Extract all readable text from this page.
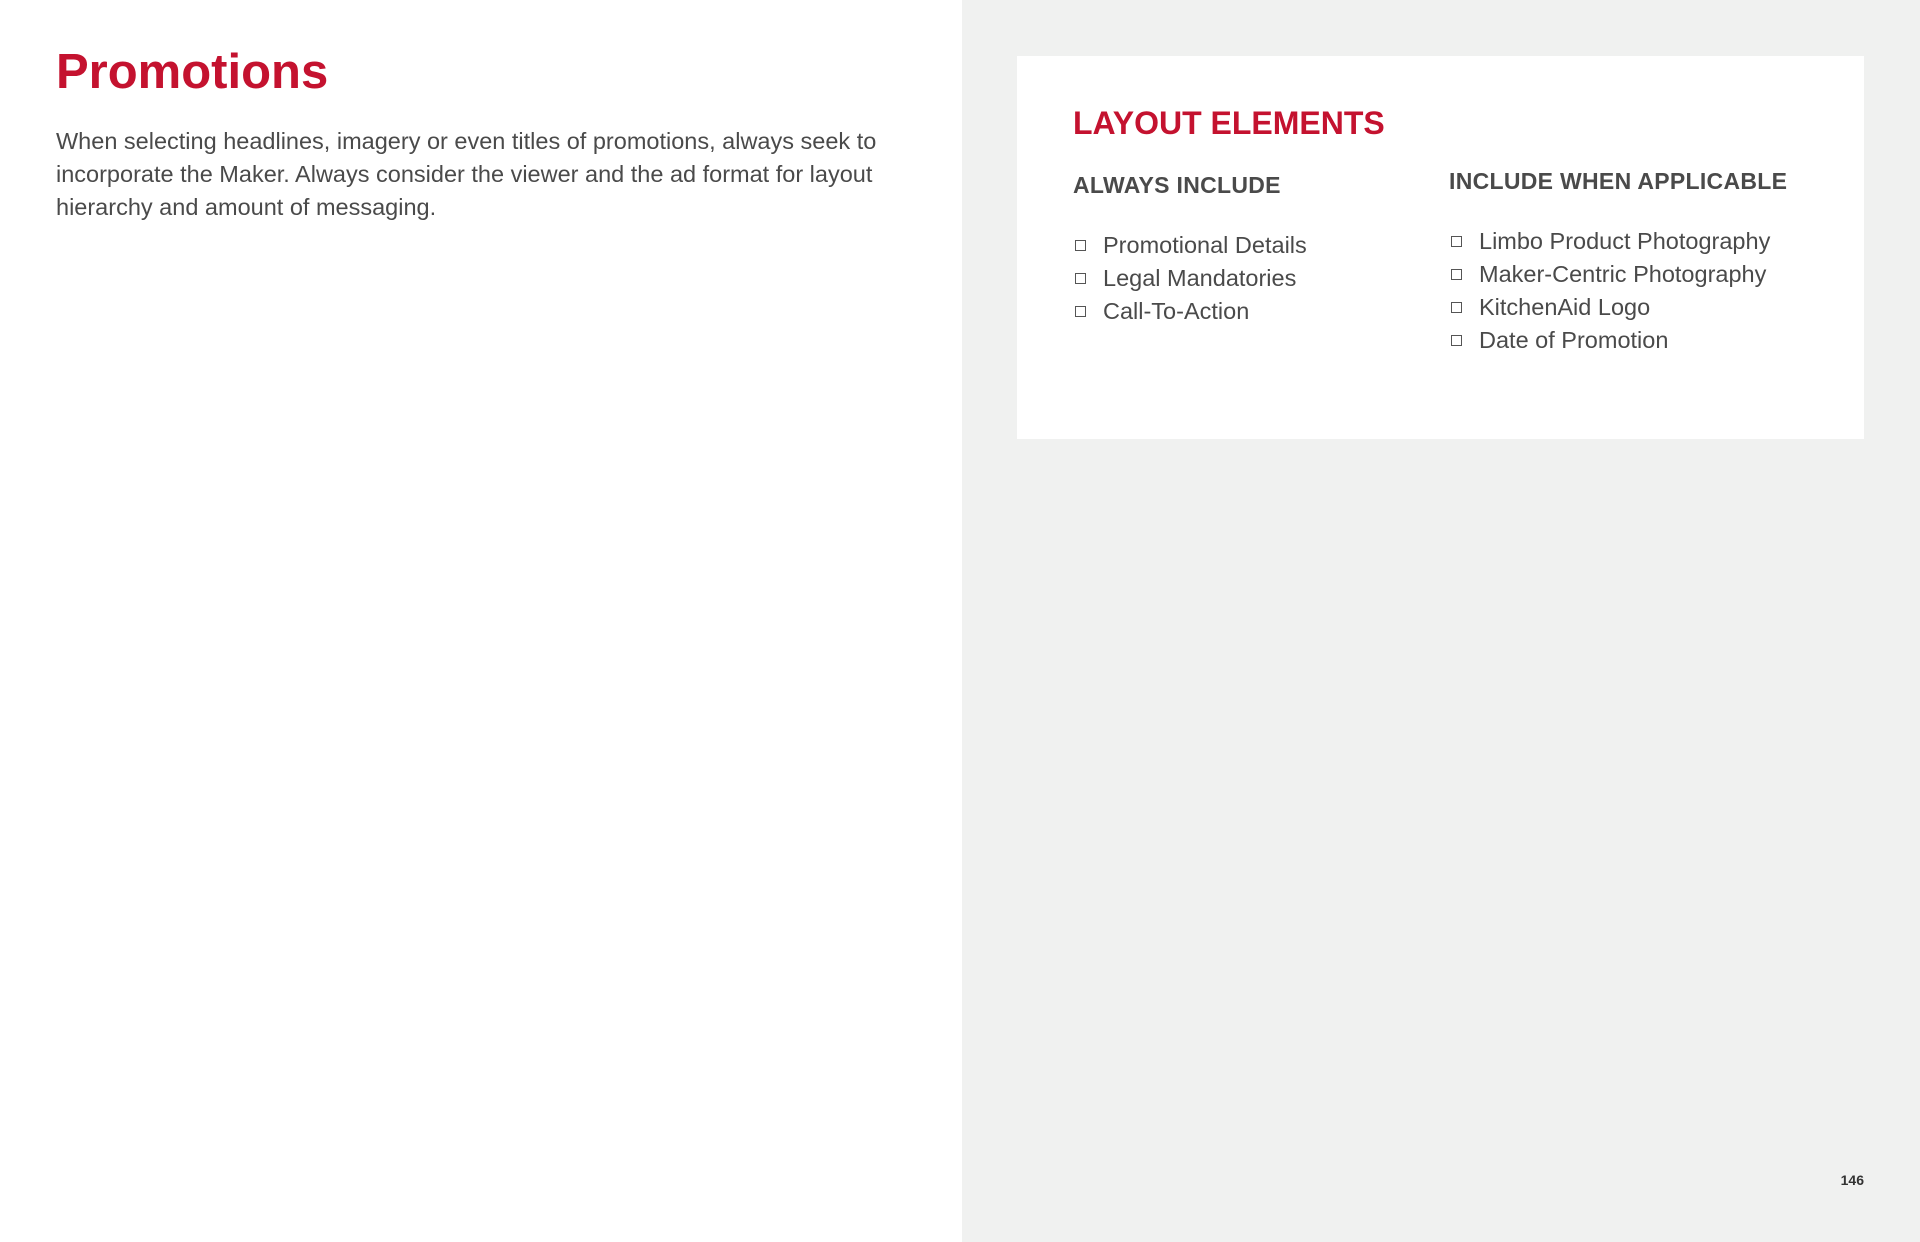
Promotions

When selecting headlines, imagery or even titles of promotions, always seek to incorporate the Maker. Always consider the viewer and the ad format for layout hierarchy and amount of messaging.

LAYOUT ELEMENTS
ALWAYS INCLUDE
Promotional Details
Legal Mandatories
Call-To-Action
INCLUDE WHEN APPLICABLE
Limbo Product Photography
Maker-Centric Photography
KitchenAid Logo
Date of Promotion
146
